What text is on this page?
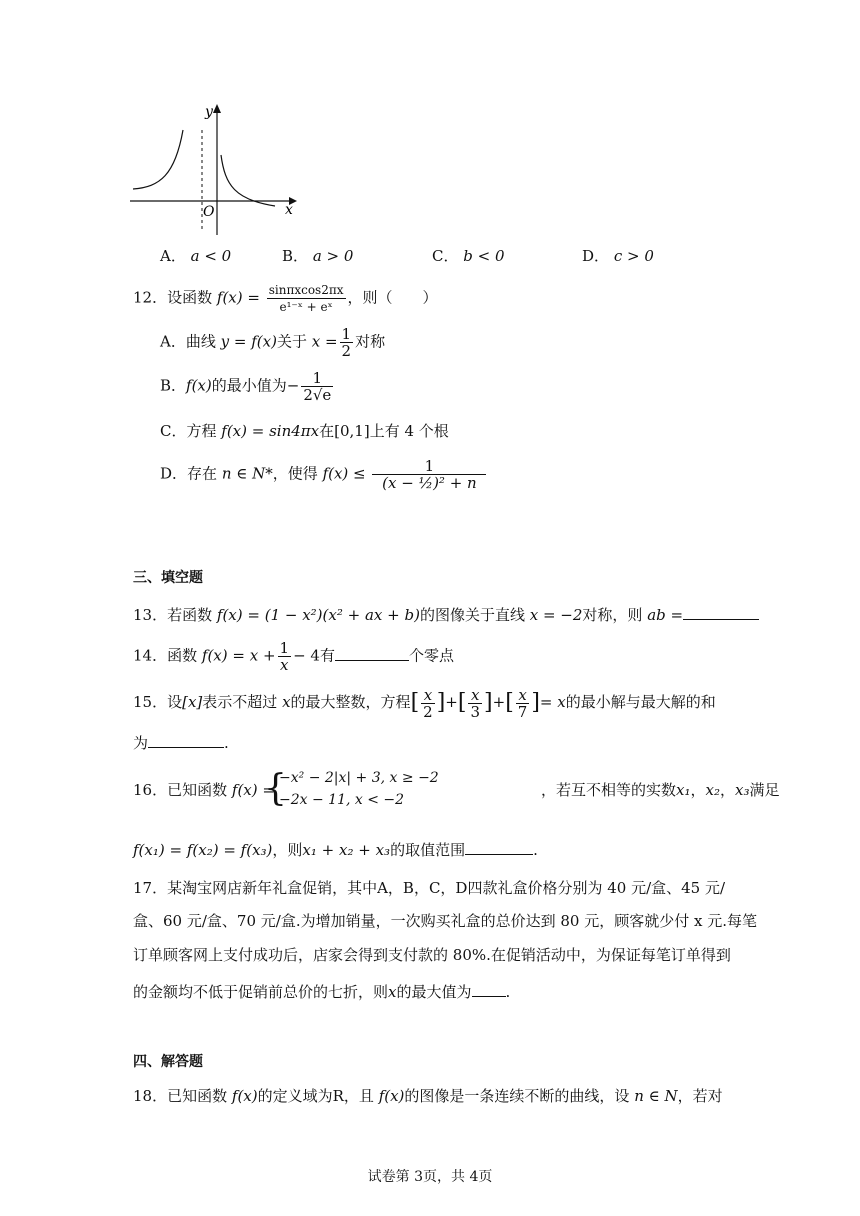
y
x
O
A． a < 0	B． a > 0	C． b < 0	D． c > 0
12．设函数 $f(x) = \frac{\sin\pi xcos2\pi x}{\text{e¹⁻ˣ + eˣ}}$ ，则（　　）
A．曲线 y = f(x)关于 $x = \frac{1}{2}$ 对称
B．f(x)的最小值为− $\frac{1}{2√e}$
C．方程 f(x) = sin4πx在[0,1]上有 4 个根
D．存在 n ∈ N*，使得 $f(x) \le \frac{1}{\text{(x − ½)² + n}}$
三、填空题
13．若函数 f(x) = (1 − x²)(x² + ax + b)的图像关于直线 x = −2对称，则 ab =
14．函数 $f(x) = x + \frac{1}{x} - 4$有	个零点
15．设[x]表示不超过 x的最大整数，方程[ $\frac{x}{2}$ ]+[ $\frac{x}{3}$ ]+[ $\frac{x}{7}$ ]= x的最小解与最大解的和
为	.
16．已知函数 f(x) =
{
−x² − 2|x| + 3, x ≥ −2
−2x − 11, x < −2
，若互不相等的实数x₁，x₂，x₃满足
f(x₁) = f(x₂) = f(x₃)，则x₁ + x₂ + x₃的取值范围	.
17．某淘宝网店新年礼盒促销，其中A，B，C，D四款礼盒价格分别为 40 元/盒、45 元/
盒、60 元/盒、70 元/盒.为增加销量，一次购买礼盒的总价达到 80 元，顾客就少付 x 元.每笔
订单顾客网上支付成功后，店家会得到支付款的 80%.在促销活动中，为保证每笔订单得到
的金额均不低于促销前总价的七折，则x的最大值为 .
四、解答题
18．已知函数 f(x)的定义域为R，且 f(x)的图像是一条连续不断的曲线，设 n ∈ N，若对
试卷第 3页，共 4页
